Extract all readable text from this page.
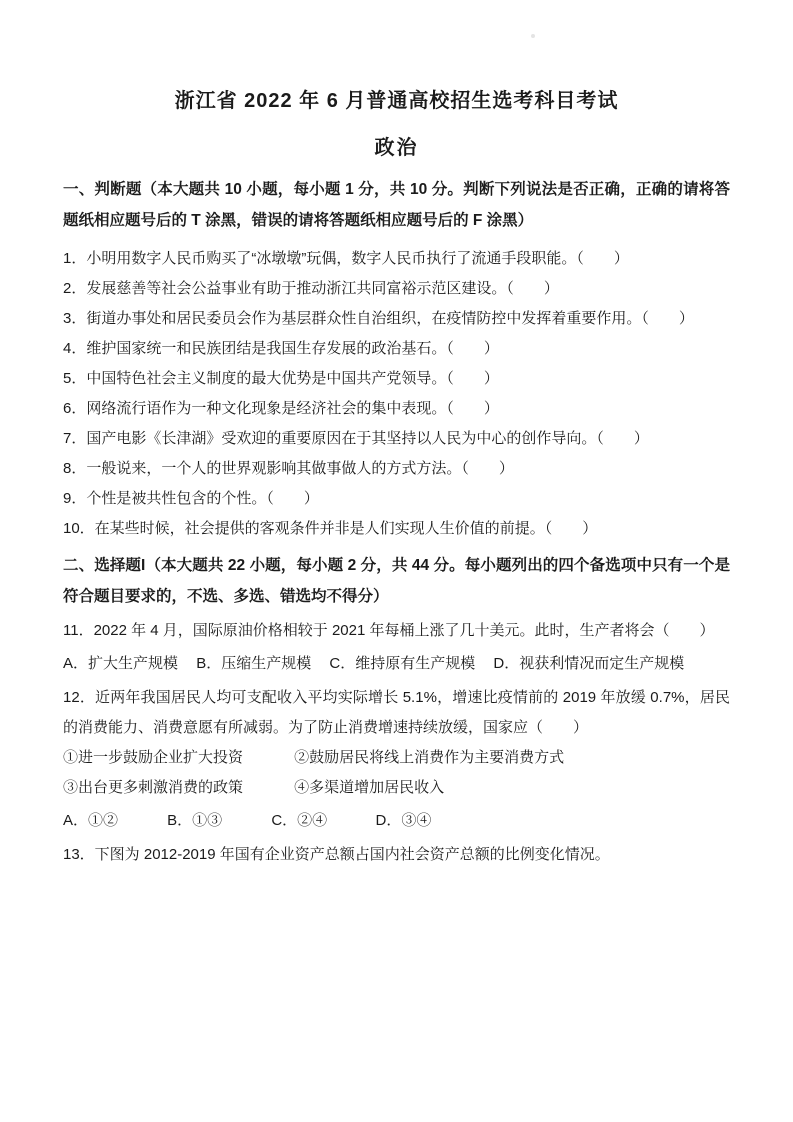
浙江省 2022 年 6 月普通高校招生选考科目考试
政治

一、判断题（本大题共 10 小题，每小题 1 分，共 10 分。判断下列说法是否正确，正确的请将答题纸相应题号后的 T 涂黑，错误的请将答题纸相应题号后的 F 涂黑）

1．小明用数字人民币购买了“冰墩墩”玩偶，数字人民币执行了流通手段职能。（　　）

2．发展慈善等社会公益事业有助于推动浙江共同富裕示范区建设。（　　）

3．街道办事处和居民委员会作为基层群众性自治组织，在疫情防控中发挥着重要作用。（　　）

4．维护国家统一和民族团结是我国生存发展的政治基石。（　　）

5．中国特色社会主义制度的最大优势是中国共产党领导。（　　）

6．网络流行语作为一种文化现象是经济社会的集中表现。（　　）

7．国产电影《长津湖》受欢迎的重要原因在于其坚持以人民为中心的创作导向。（　　）

8．一般说来，一个人的世界观影响其做事做人的方式方法。（　　）

9．个性是被共性包含的个性。（　　）

10．在某些时候，社会提供的客观条件并非是人们实现人生价值的前提。（　　）

二、选择题I（本大题共 22 小题，每小题 2 分，共 44 分。每小题列出的四个备选项中只有一个是符合题目要求的，不选、多选、错选均不得分）

11．2022 年 4 月，国际原油价格相较于 2021 年每桶上涨了几十美元。此时，生产者将会（　　）

A．扩大生产规模 B．压缩生产规模 C．维持原有生产规模 D．视获利情况而定生产规模

12．近两年我国居民人均可支配收入平均实际增长 5.1%，增速比疫情前的 2019 年放缓 0.7%，居民的消费能力、消费意愿有所减弱。为了防止消费增速持续放缓，国家应（　　）

①进一步鼓励企业扩大投资	②鼓励居民将线上消费作为主要消费方式

③出台更多刺激消费的政策	④多渠道增加居民收入

A．①②	B．①③	C．②④	D．③④

13．下图为 2012-2019 年国有企业资产总额占国内社会资产总额的比例变化情况。
